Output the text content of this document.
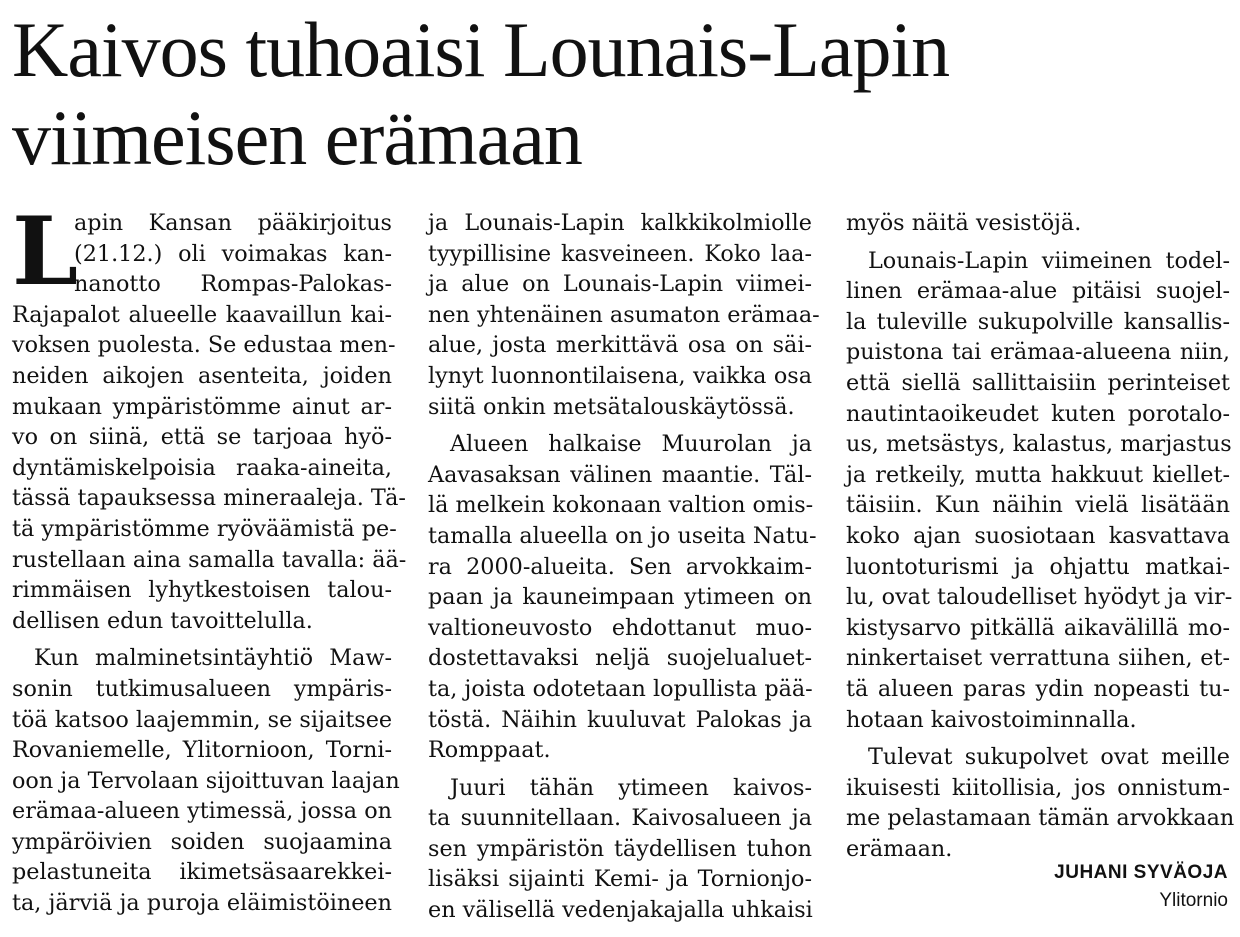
Kaivos tuhoaisi Lounais-Lapin
viimeisen erämaan
L
apin Kansan pääkirjoitus
(21.12.) oli voimakas kan-
nanotto Rompas-Palokas-
Rajapalot alueelle kaavaillun kai-
voksen puolesta. Se edustaa men-
neiden aikojen asenteita, joiden
mukaan ympäristömme ainut ar-
vo on siinä, että se tarjoaa hyö-
dyntämiskelpoisia raaka-aineita,
tässä tapauksessa mineraaleja. Tä-
tä ympäristömme ryöväämistä pe-
rustellaan aina samalla tavalla: ää-
rimmäisen lyhytkestoisen talou-
dellisen edun tavoittelulla.
Kun malminetsintäyhtiö Maw-
sonin tutkimusalueen ympäris-
töä katsoo laajemmin, se sijaitsee
Rovaniemelle, Ylitornioon, Torni-
oon ja Tervolaan sijoittuvan laajan
erämaa-alueen ytimessä, jossa on
ympäröivien soiden suojaamina
pelastuneita ikimetsäsaarekkei-
ta, järviä ja puroja eläimistöineen
ja Lounais-Lapin kalkkikolmiolle
tyypillisine kasveineen. Koko laa-
ja alue on Lounais-Lapin viimei-
nen yhtenäinen asumaton erämaa-
alue, josta merkittävä osa on säi-
lynyt luonnontilaisena, vaikka osa
siitä onkin metsätalouskäytössä.
Alueen halkaise Muurolan ja
Aavasaksan välinen maantie. Täl-
lä melkein kokonaan valtion omis-
tamalla alueella on jo useita Natu-
ra 2000-alueita. Sen arvokkaim-
paan ja kauneimpaan ytimeen on
valtioneuvosto ehdottanut muo-
dostettavaksi neljä suojelualuet-
ta, joista odotetaan lopullista pää-
töstä. Näihin kuuluvat Palokas ja
Romppaat.
Juuri tähän ytimeen kaivos-
ta suunnitellaan. Kaivosalueen ja
sen ympäristön täydellisen tuhon
lisäksi sijainti Kemi- ja Tornionjo-
en välisellä vedenjakajalla uhkaisi
myös näitä vesistöjä.
Lounais-Lapin viimeinen todel-
linen erämaa-alue pitäisi suojel-
la tuleville sukupolville kansallis-
puistona tai erämaa-alueena niin,
että siellä sallittaisiin perinteiset
nautintaoikeudet kuten porotalo-
us, metsästys, kalastus, marjastus
ja retkeily, mutta hakkuut kiellet-
täisiin. Kun näihin vielä lisätään
koko ajan suosiotaan kasvattava
luontoturismi ja ohjattu matkai-
lu, ovat taloudelliset hyödyt ja vir-
kistysarvo pitkällä aikavälillä mo-
ninkertaiset verrattuna siihen, et-
tä alueen paras ydin nopeasti tu-
hotaan kaivostoiminnalla.
Tulevat sukupolvet ovat meille
ikuisesti kiitollisia, jos onnistum-
me pelastamaan tämän arvokkaan
erämaan.
JUHANI SYVÄOJA
Ylitornio
